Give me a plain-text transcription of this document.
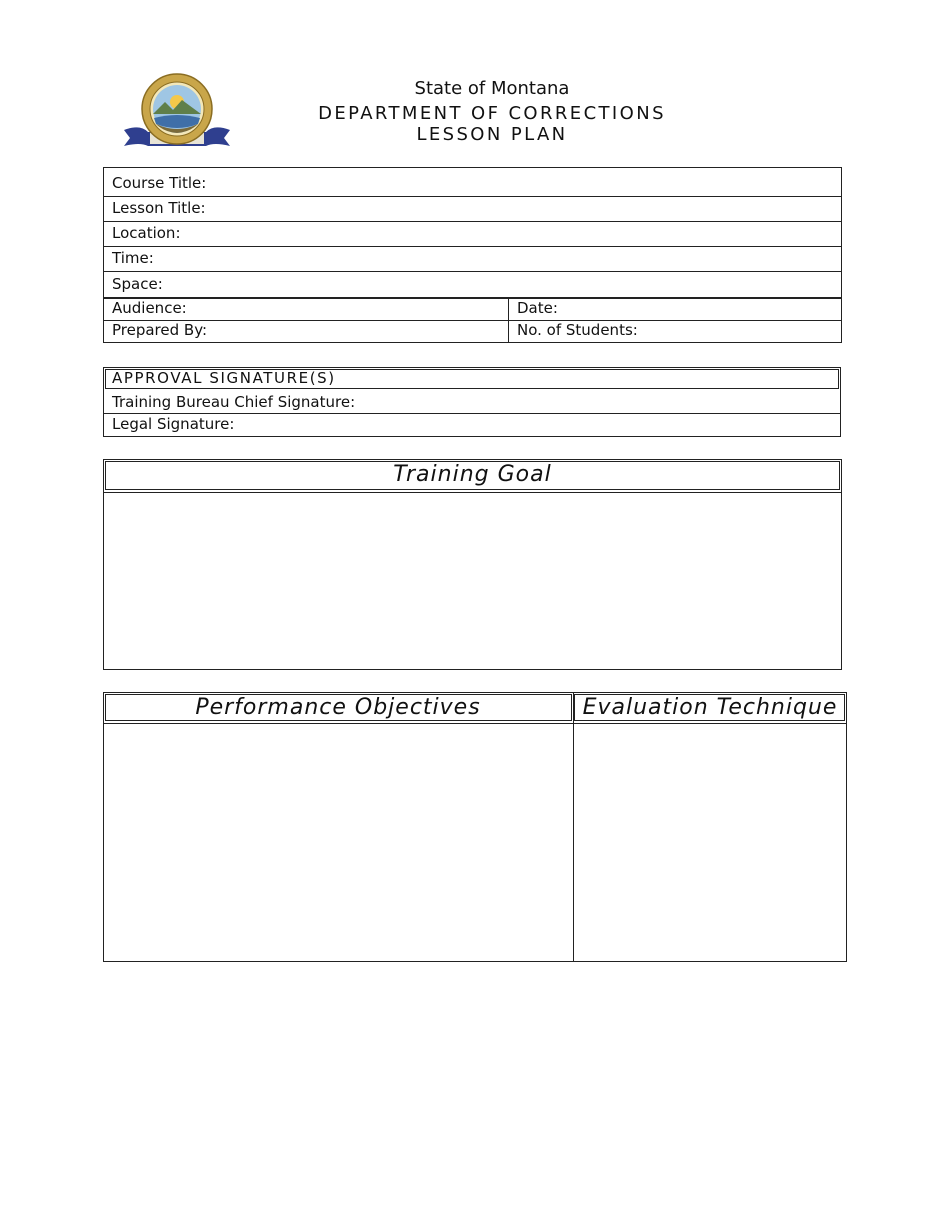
State of Montana
DEPARTMENT OF CORRECTIONS
LESSON PLAN
Course Title:
Lesson Title:
Location:
Time:
Space:
Audience:	Date:
Prepared By:	No. of Students:
APPROVAL SIGNATURE(S)
Training Bureau Chief Signature:
Legal Signature:
Training Goal
Performance Objectives	Evaluation Technique
